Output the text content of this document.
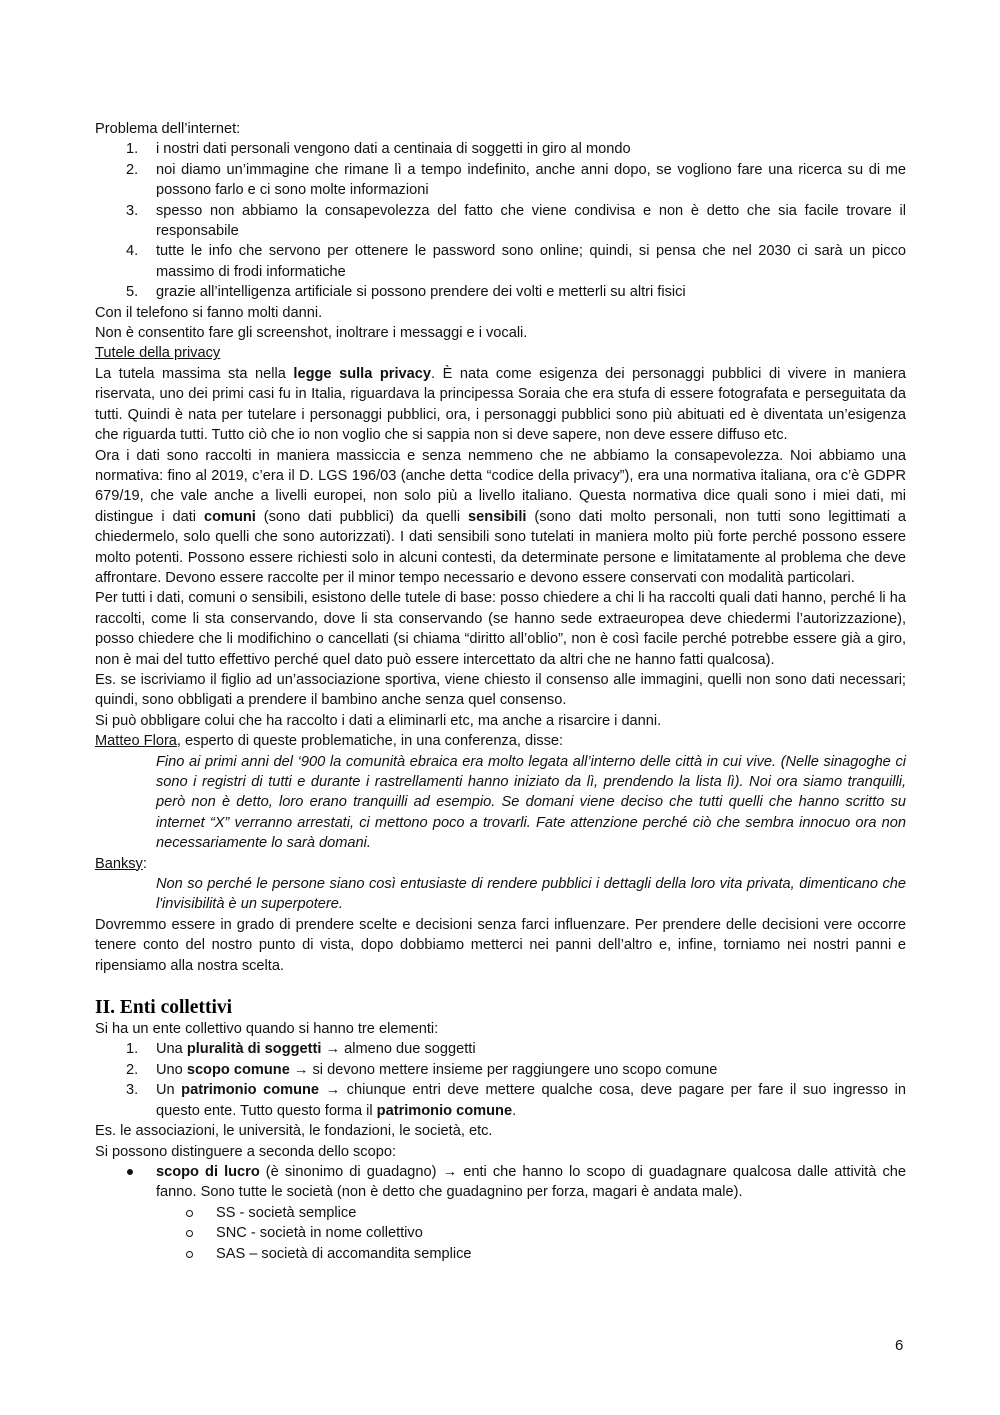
Problema dell’internet:

1. i nostri dati personali vengono dati a centinaia di soggetti in giro al mondo
2. noi diamo un’immagine che rimane lì a tempo indefinito, anche anni dopo, se vogliono fare una ricerca su di me possono farlo e ci sono molte informazioni
3. spesso non abbiamo la consapevolezza del fatto che viene condivisa e non è detto che sia facile trovare il responsabile
4. tutte le info che servono per ottenere le password sono online; quindi, si pensa che nel 2030 ci sarà un picco massimo di frodi informatiche
5. grazie all’intelligenza artificiale si possono prendere dei volti e metterli su altri fisici

Con il telefono si fanno molti danni.

Non è consentito fare gli screenshot, inoltrare i messaggi e i vocali.

Tutele della privacy

La tutela massima sta nella legge sulla privacy. È nata come esigenza dei personaggi pubblici di vivere in maniera riservata, uno dei primi casi fu in Italia, riguardava la principessa Soraia che era stufa di essere fotografata e perseguitata da tutti. Quindi è nata per tutelare i personaggi pubblici, ora, i personaggi pubblici sono più abituati ed è diventata un’esigenza che riguarda tutti. Tutto ciò che io non voglio che si sappia non si deve sapere, non deve essere diffuso etc.

Ora i dati sono raccolti in maniera massiccia e senza nemmeno che ne abbiamo la consapevolezza. Noi abbiamo una normativa: fino al 2019, c’era il D. LGS 196/03 (anche detta “codice della privacy”), era una normativa italiana, ora c’è GDPR 679/19, che vale anche a livelli europei, non solo più a livello italiano. Questa normativa dice quali sono i miei dati, mi distingue i dati comuni (sono dati pubblici) da quelli sensibili (sono dati molto personali, non tutti sono legittimati a chiedermelo, solo quelli che sono autorizzati). I dati sensibili sono tutelati in maniera molto più forte perché possono essere molto potenti. Possono essere richiesti solo in alcuni contesti, da determinate persone e limitatamente al problema che deve affrontare. Devono essere raccolte per il minor tempo necessario e devono essere conservati con modalità particolari.

Per tutti i dati, comuni o sensibili, esistono delle tutele di base: posso chiedere a chi li ha raccolti quali dati hanno, perché li ha raccolti, come li sta conservando, dove li sta conservando (se hanno sede extraeuropea deve chiedermi l’autorizzazione), posso chiedere che li modifichino o cancellati (si chiama “diritto all’oblio”, non è così facile perché potrebbe essere già a giro, non è mai del tutto effettivo perché quel dato può essere intercettato da altri che ne hanno fatti qualcosa).

Es. se iscriviamo il figlio ad un’associazione sportiva, viene chiesto il consenso alle immagini, quelli non sono dati necessari; quindi, sono obbligati a prendere il bambino anche senza quel consenso.

Si può obbligare colui che ha raccolto i dati a eliminarli etc, ma anche a risarcire i danni.

Matteo Flora, esperto di queste problematiche, in una conferenza, disse:

Fino ai primi anni del ‘900 la comunità ebraica era molto legata all’interno delle città in cui vive. (Nelle sinagoghe ci sono i registri di tutti e durante i rastrellamenti hanno iniziato da lì, prendendo la lista lì). Noi ora siamo tranquilli, però non è detto, loro erano tranquilli ad esempio. Se domani viene deciso che tutti quelli che hanno scritto su internet “X” verranno arrestati, ci mettono poco a trovarli. Fate attenzione perché ciò che sembra innocuo ora non necessariamente lo sarà domani.

Banksy:

Non so perché le persone siano così entusiaste di rendere pubblici i dettagli della loro vita privata, dimenticano che l'invisibilità è un superpotere.

Dovremmo essere in grado di prendere scelte e decisioni senza farci influenzare. Per prendere delle decisioni vere occorre tenere conto del nostro punto di vista, dopo dobbiamo metterci nei panni dell’altro e, infine, torniamo nei nostri panni e ripensiamo alla nostra scelta.

II. Enti collettivi

Si ha un ente collettivo quando si hanno tre elementi:

1. Una pluralità di soggetti → almeno due soggetti
2. Uno scopo comune → si devono mettere insieme per raggiungere uno scopo comune
3. Un patrimonio comune → chiunque entri deve mettere qualche cosa, deve pagare per fare il suo ingresso in questo ente. Tutto questo forma il patrimonio comune.

Es. le associazioni, le università, le fondazioni, le società, etc.

Si possono distinguere a seconda dello scopo:

scopo di lucro (è sinonimo di guadagno) → enti che hanno lo scopo di guadagnare qualcosa dalle attività che fanno. Sono tutte le società (non è detto che guadagnino per forza, magari è andata male).
SS - società semplice
SNC - società in nome collettivo
SAS – società di accomandita semplice
6
